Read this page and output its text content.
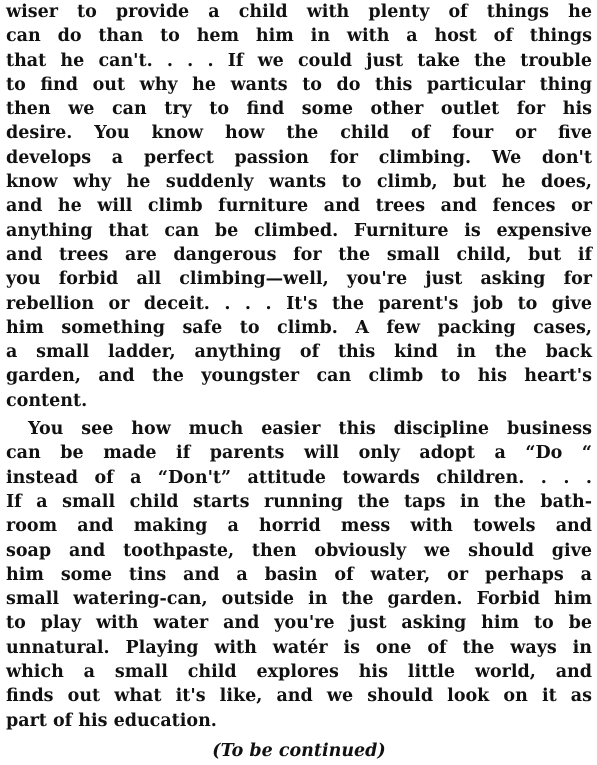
wiser to provide a child with plenty of things he
can do than to hem him in with a host of things
that he can't. . . . If we could just take the trouble
to find out why he wants to do this particular thing
then we can try to find some other outlet for his
desire. You know how the child of four or five
develops a perfect passion for climbing. We don't
know why he suddenly wants to climb, but he does,
and he will climb furniture and trees and fences or
anything that can be climbed. Furniture is expensive
and trees are dangerous for the small child, but if
you forbid all climbing—well, you're just asking for
rebellion or deceit. . . . It's the parent's job to give
him something safe to climb. A few packing cases,
a small ladder, anything of this kind in the back
garden, and the youngster can climb to his heart's
content.
You see how much easier this discipline business
can be made if parents will only adopt a “Do “
instead of a “Don't” attitude towards children. . . .
If a small child starts running the taps in the bath-
room and making a horrid mess with towels and
soap and toothpaste, then obviously we should give
him some tins and a basin of water, or perhaps a
small watering-can, outside in the garden. Forbid him
to play with water and you're just asking him to be
unnatural. Playing with watér is one of the ways in
which a small child explores his little world, and
finds out what it's like, and we should look on it as
part of his education.
(To be continued)
